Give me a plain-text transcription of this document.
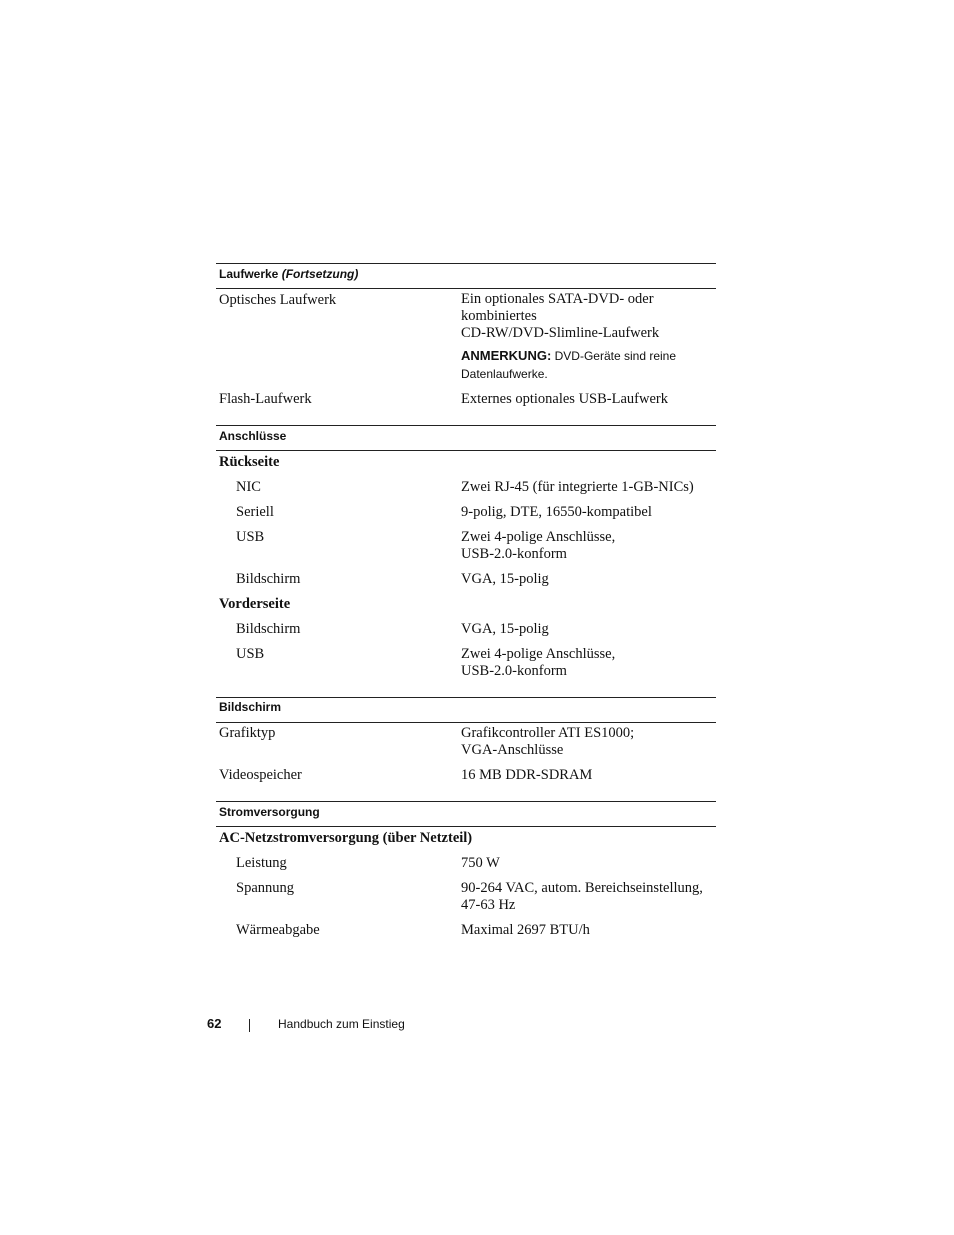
Laufwerke (Fortsetzung)
Optisches Laufwerk	Ein optionales SATA-DVD- oder
kombiniertes
CD-RW/DVD-Slimline-Laufwerk
ANMERKUNG: DVD-Geräte sind reine
Datenlaufwerke.
Flash-Laufwerk	Externes optionales USB-Laufwerk
Anschlüsse
Rückseite
NIC	Zwei RJ-45 (für integrierte 1-GB-NICs)
Seriell	9-polig, DTE, 16550-kompatibel
USB	Zwei 4-polige Anschlüsse,
USB-2.0-konform
Bildschirm	VGA, 15-polig
Vorderseite
Bildschirm	VGA, 15-polig
USB	Zwei 4-polige Anschlüsse,
USB-2.0-konform
Bildschirm
Grafiktyp	Grafikcontroller ATI ES1000;
VGA-Anschlüsse
Videospeicher	16 MB DDR-SDRAM
Stromversorgung
AC-Netzstromversorgung (über Netzteil)
Leistung	750 W
Spannung	90-264 VAC, autom. Bereichseinstellung,
47-63 Hz
Wärmeabgabe	Maximal 2697 BTU/h
62	Handbuch zum Einstieg
